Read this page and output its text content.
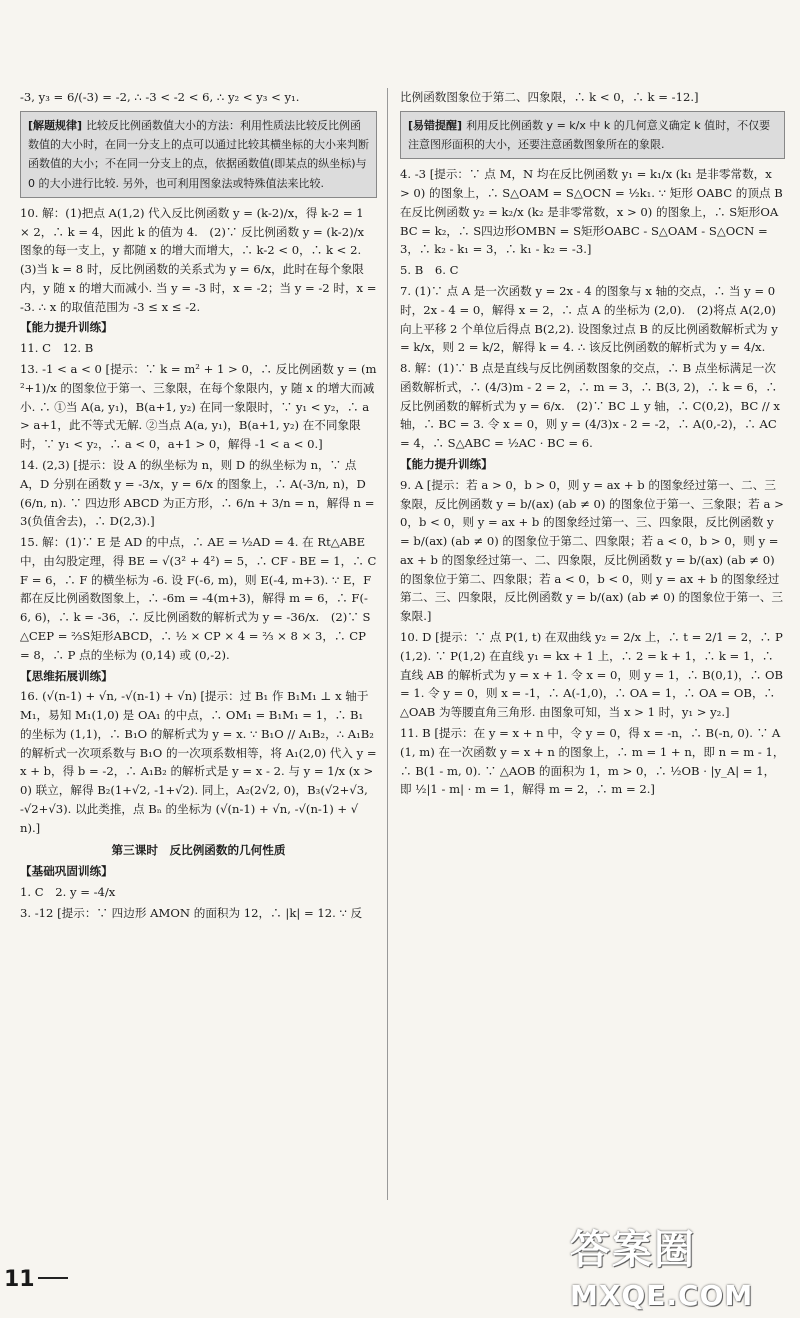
-3, y₃ = 6/(-3) = -2, ∴ -3 < -2 < 6, ∴ y₂ < y₃ < y₁.
[解题规律] 比较反比例函数值大小的方法：利用性质法比较反比例函数值的大小时，在同一分支上的点可以通过比较其横坐标的大小来判断函数值的大小；不在同一分支上的点，依据函数值(即某点的纵坐标)与 0 的大小进行比较. 另外，也可利用图象法或特殊值法来比较.
10. 解：(1)把点 A(1,2) 代入反比例函数 y = (k-2)/x，得 k-2 = 1 × 2，∴ k = 4，因此 k 的值为 4.　(2)∵ 反比例函数 y = (k-2)/x 图象的每一支上，y 都随 x 的增大而增大，∴ k-2 < 0，∴ k < 2.　(3)当 k = 8 时，反比例函数的关系式为 y = 6/x，此时在每个象限内，y 随 x 的增大而减小. 当 y = -3 时，x = -2；当 y = -2 时，x = -3. ∴ x 的取值范围为 -3 ≤ x ≤ -2.
【能力提升训练】
11. C　12. B
13. -1 < a < 0 [提示：∵ k = m² + 1 > 0，∴ 反比例函数 y = (m²+1)/x 的图象位于第一、三象限，在每个象限内，y 随 x 的增大而减小. ∴ ①当 A(a, y₁)，B(a+1, y₂) 在同一象限时，∵ y₁ < y₂，∴ a > a+1，此不等式无解. ②当点 A(a, y₁)，B(a+1, y₂) 在不同象限时，∵ y₁ < y₂，∴ a < 0，a+1 > 0，解得 -1 < a < 0.]
14. (2,3) [提示：设 A 的纵坐标为 n，则 D 的纵坐标为 n，∵ 点 A，D 分别在函数 y = -3/x，y = 6/x 的图象上，∴ A(-3/n, n)，D(6/n, n). ∵ 四边形 ABCD 为正方形，∴ 6/n + 3/n = n，解得 n = 3(负值舍去)，∴ D(2,3).]
15. 解：(1)∵ E 是 AD 的中点，∴ AE = ½AD = 4. 在 Rt△ABE 中，由勾股定理，得 BE = √(3² + 4²) = 5，∴ CF - BE = 1，∴ CF = 6，∴ F 的横坐标为 -6. 设 F(-6, m)，则 E(-4, m+3). ∵ E，F 都在反比例函数图象上，∴ -6m = -4(m+3)，解得 m = 6，∴ F(-6, 6)，∴ k = -36，∴ 反比例函数的解析式为 y = -36/x.　(2)∵ S△CEP = ⅔S矩形ABCD，∴ ½ × CP × 4 = ⅔ × 8 × 3，∴ CP = 8，∴ P 点的坐标为 (0,14) 或 (0,-2).
【思维拓展训练】
16. (√(n-1) + √n, -√(n-1) + √n) [提示：过 B₁ 作 B₁M₁ ⊥ x 轴于 M₁，易知 M₁(1,0) 是 OA₁ 的中点，∴ OM₁ = B₁M₁ = 1，∴ B₁ 的坐标为 (1,1)，∴ B₁O 的解析式为 y = x. ∵ B₁O // A₁B₂，∴ A₁B₂ 的解析式一次项系数与 B₁O 的一次项系数相等，将 A₁(2,0) 代入 y = x + b，得 b = -2，∴ A₁B₂ 的解析式是 y = x - 2. 与 y = 1/x (x > 0) 联立，解得 B₂(1+√2, -1+√2). 同上，A₂(2√2, 0)，B₃(√2+√3, -√2+√3). 以此类推，点 Bₙ 的坐标为 (√(n-1) + √n, -√(n-1) + √n).]
第三课时　反比例函数的几何性质
【基础巩固训练】
1. C　2. y = -4/x
3. -12 [提示：∵ 四边形 AMON 的面积为 12，∴ |k| = 12. ∵ 反
比例函数图象位于第二、四象限，∴ k < 0，∴ k = -12.]
[易错提醒] 利用反比例函数 y = k/x 中 k 的几何意义确定 k 值时，不仅要注意图形面积的大小，还要注意函数图象所在的象限.
4. -3 [提示：∵ 点 M，N 均在反比例函数 y₁ = k₁/x (k₁ 是非零常数，x > 0) 的图象上，∴ S△OAM = S△OCN = ½k₁. ∵ 矩形 OABC 的顶点 B 在反比例函数 y₂ = k₂/x (k₂ 是非零常数，x > 0) 的图象上，∴ S矩形OABC = k₂，∴ S四边形OMBN = S矩形OABC - S△OAM - S△OCN = 3，∴ k₂ - k₁ = 3，∴ k₁ - k₂ = -3.]
5. B　6. C
7. (1)∵ 点 A 是一次函数 y = 2x - 4 的图象与 x 轴的交点，∴ 当 y = 0 时，2x - 4 = 0，解得 x = 2，∴ 点 A 的坐标为 (2,0).　(2)将点 A(2,0) 向上平移 2 个单位后得点 B(2,2). 设图象过点 B 的反比例函数解析式为 y = k/x，则 2 = k/2，解得 k = 4. ∴ 该反比例函数的解析式为 y = 4/x.
8. 解：(1)∵ B 点是直线与反比例函数图象的交点，∴ B 点坐标满足一次函数解析式，∴ (4/3)m - 2 = 2，∴ m = 3，∴ B(3, 2)，∴ k = 6，∴ 反比例函数的解析式为 y = 6/x.　(2)∵ BC ⊥ y 轴，∴ C(0,2)，BC // x 轴，∴ BC = 3. 令 x = 0，则 y = (4/3)x - 2 = -2，∴ A(0,-2)，∴ AC = 4，∴ S△ABC = ½AC · BC = 6.
【能力提升训练】
9. A [提示：若 a > 0，b > 0，则 y = ax + b 的图象经过第一、二、三象限，反比例函数 y = b/(ax) (ab ≠ 0) 的图象位于第一、三象限；若 a > 0，b < 0，则 y = ax + b 的图象经过第一、三、四象限，反比例函数 y = b/(ax) (ab ≠ 0) 的图象位于第二、四象限；若 a < 0，b > 0，则 y = ax + b 的图象经过第一、二、四象限，反比例函数 y = b/(ax) (ab ≠ 0) 的图象位于第二、四象限；若 a < 0，b < 0，则 y = ax + b 的图象经过第二、三、四象限，反比例函数 y = b/(ax) (ab ≠ 0) 的图象位于第一、三象限.]
10. D [提示：∵ 点 P(1, t) 在双曲线 y₂ = 2/x 上，∴ t = 2/1 = 2，∴ P(1,2). ∵ P(1,2) 在直线 y₁ = kx + 1 上，∴ 2 = k + 1，∴ k = 1，∴ 直线 AB 的解析式为 y = x + 1. 令 x = 0，则 y = 1，∴ B(0,1)，∴ OB = 1. 令 y = 0，则 x = -1，∴ A(-1,0)，∴ OA = 1，∴ OA = OB，∴ △OAB 为等腰直角三角形. 由图象可知，当 x > 1 时，y₁ > y₂.]
11. B [提示：在 y = x + n 中，令 y = 0，得 x = -n，∴ B(-n, 0). ∵ A(1, m) 在一次函数 y = x + n 的图象上，∴ m = 1 + n，即 n = m - 1，∴ B(1 - m, 0). ∵ △AOB 的面积为 1，m > 0，∴ ½OB · |y_A| = 1，即 ½|1 - m| · m = 1，解得 m = 2，∴ m = 2.]
11
答案圈
MXQE.COM
